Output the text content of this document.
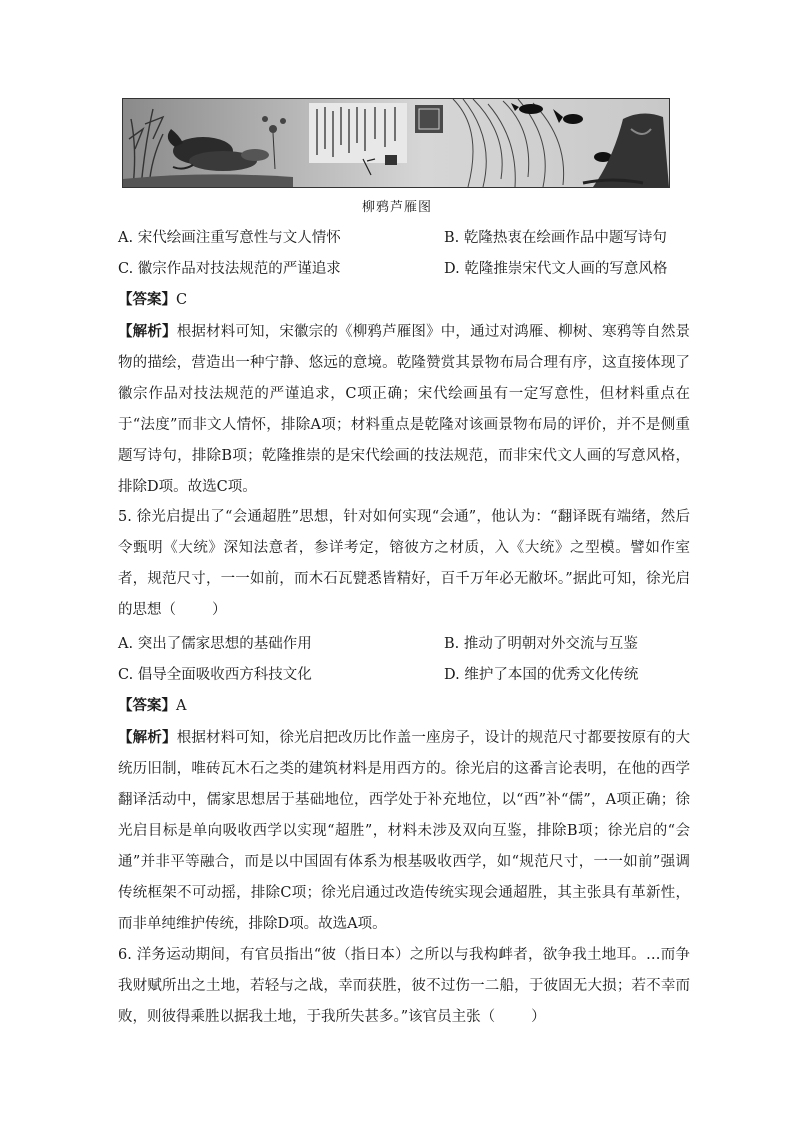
柳鸦芦雁图
A. 宋代绘画注重写意性与文人情怀	B. 乾隆热衷在绘画作品中题写诗句
C. 徽宗作品对技法规范的严谨追求	D. 乾隆推崇宋代文人画的写意风格
【答案】C
【解析】根据材料可知，宋徽宗的《柳鸦芦雁图》中，通过对鸿雁、柳树、寒鸦等自然景物的描绘，营造出一种宁静、悠远的意境。乾隆赞赏其景物布局合理有序，这直接体现了徽宗作品对技法规范的严谨追求，C项正确；宋代绘画虽有一定写意性，但材料重点在于“法度”而非文人情怀，排除A项；材料重点是乾隆对该画景物布局的评价，并不是侧重题写诗句，排除B项；乾隆推崇的是宋代绘画的技法规范，而非宋代文人画的写意风格，排除D项。故选C项。
5. 徐光启提出了“会通超胜”思想，针对如何实现“会通”，他认为：“翻译既有端绪，然后令甄明《大统》深知法意者，参详考定，镕彼方之材质，入《大统》之型模。譬如作室者，规范尺寸，一一如前，而木石瓦甓悉皆精好，百千万年必无敝坏。”据此可知，徐光启的思想（ ）
A. 突出了儒家思想的基础作用	B. 推动了明朝对外交流与互鉴
C. 倡导全面吸收西方科技文化	D. 维护了本国的优秀文化传统
【答案】A
【解析】根据材料可知，徐光启把改历比作盖一座房子，设计的规范尺寸都要按原有的大统历旧制，唯砖瓦木石之类的建筑材料是用西方的。徐光启的这番言论表明，在他的西学翻译活动中，儒家思想居于基础地位，西学处于补充地位，以“西”补“儒”，A项正确；徐光启目标是单向吸收西学以实现“超胜”，材料未涉及双向互鉴，排除B项；徐光启的“会通”并非平等融合，而是以中国固有体系为根基吸收西学，如“规范尺寸，一一如前”强调传统框架不可动摇，排除C项；徐光启通过改造传统实现会通超胜，其主张具有革新性，而非单纯维护传统，排除D项。故选A项。
6. 洋务运动期间，有官员指出“彼（指日本）之所以与我构衅者，欲争我土地耳。…而争我财赋所出之土地，若轻与之战，幸而获胜，彼不过伤一二船，于彼固无大损；若不幸而败，则彼得乘胜以据我土地，于我所失甚多。”该官员主张（ ）
